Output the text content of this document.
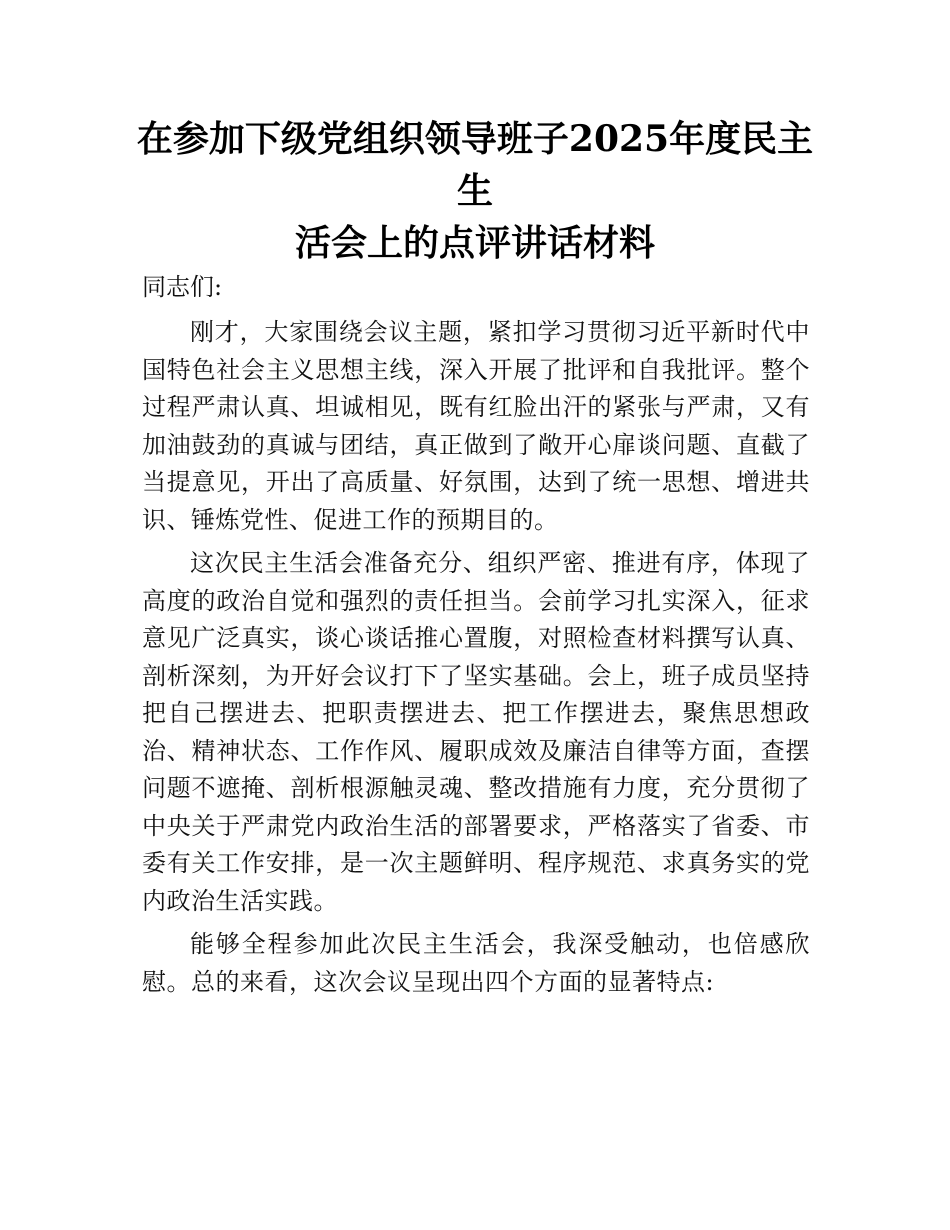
在参加下级党组织领导班子2025年度民主生
活会上的点评讲话材料

同志们:

刚才，大家围绕会议主题，紧扣学习贯彻习近平新时代中国特色社会主义思想主线，深入开展了批评和自我批评。整个过程严肃认真、坦诚相见，既有红脸出汗的紧张与严肃，又有加油鼓劲的真诚与团结，真正做到了敞开心扉谈问题、直截了当提意见，开出了高质量、好氛围，达到了统一思想、增进共识、锤炼党性、促进工作的预期目的。

这次民主生活会准备充分、组织严密、推进有序，体现了高度的政治自觉和强烈的责任担当。会前学习扎实深入，征求意见广泛真实，谈心谈话推心置腹，对照检查材料撰写认真、剖析深刻，为开好会议打下了坚实基础。会上，班子成员坚持把自己摆进去、把职责摆进去、把工作摆进去，聚焦思想政治、精神状态、工作作风、履职成效及廉洁自律等方面，查摆问题不遮掩、剖析根源触灵魂、整改措施有力度，充分贯彻了中央关于严肃党内政治生活的部署要求，严格落实了省委、市委有关工作安排，是一次主题鲜明、程序规范、求真务实的党内政治生活实践。

能够全程参加此次民主生活会，我深受触动，也倍感欣慰。总的来看，这次会议呈现出四个方面的显著特点:
